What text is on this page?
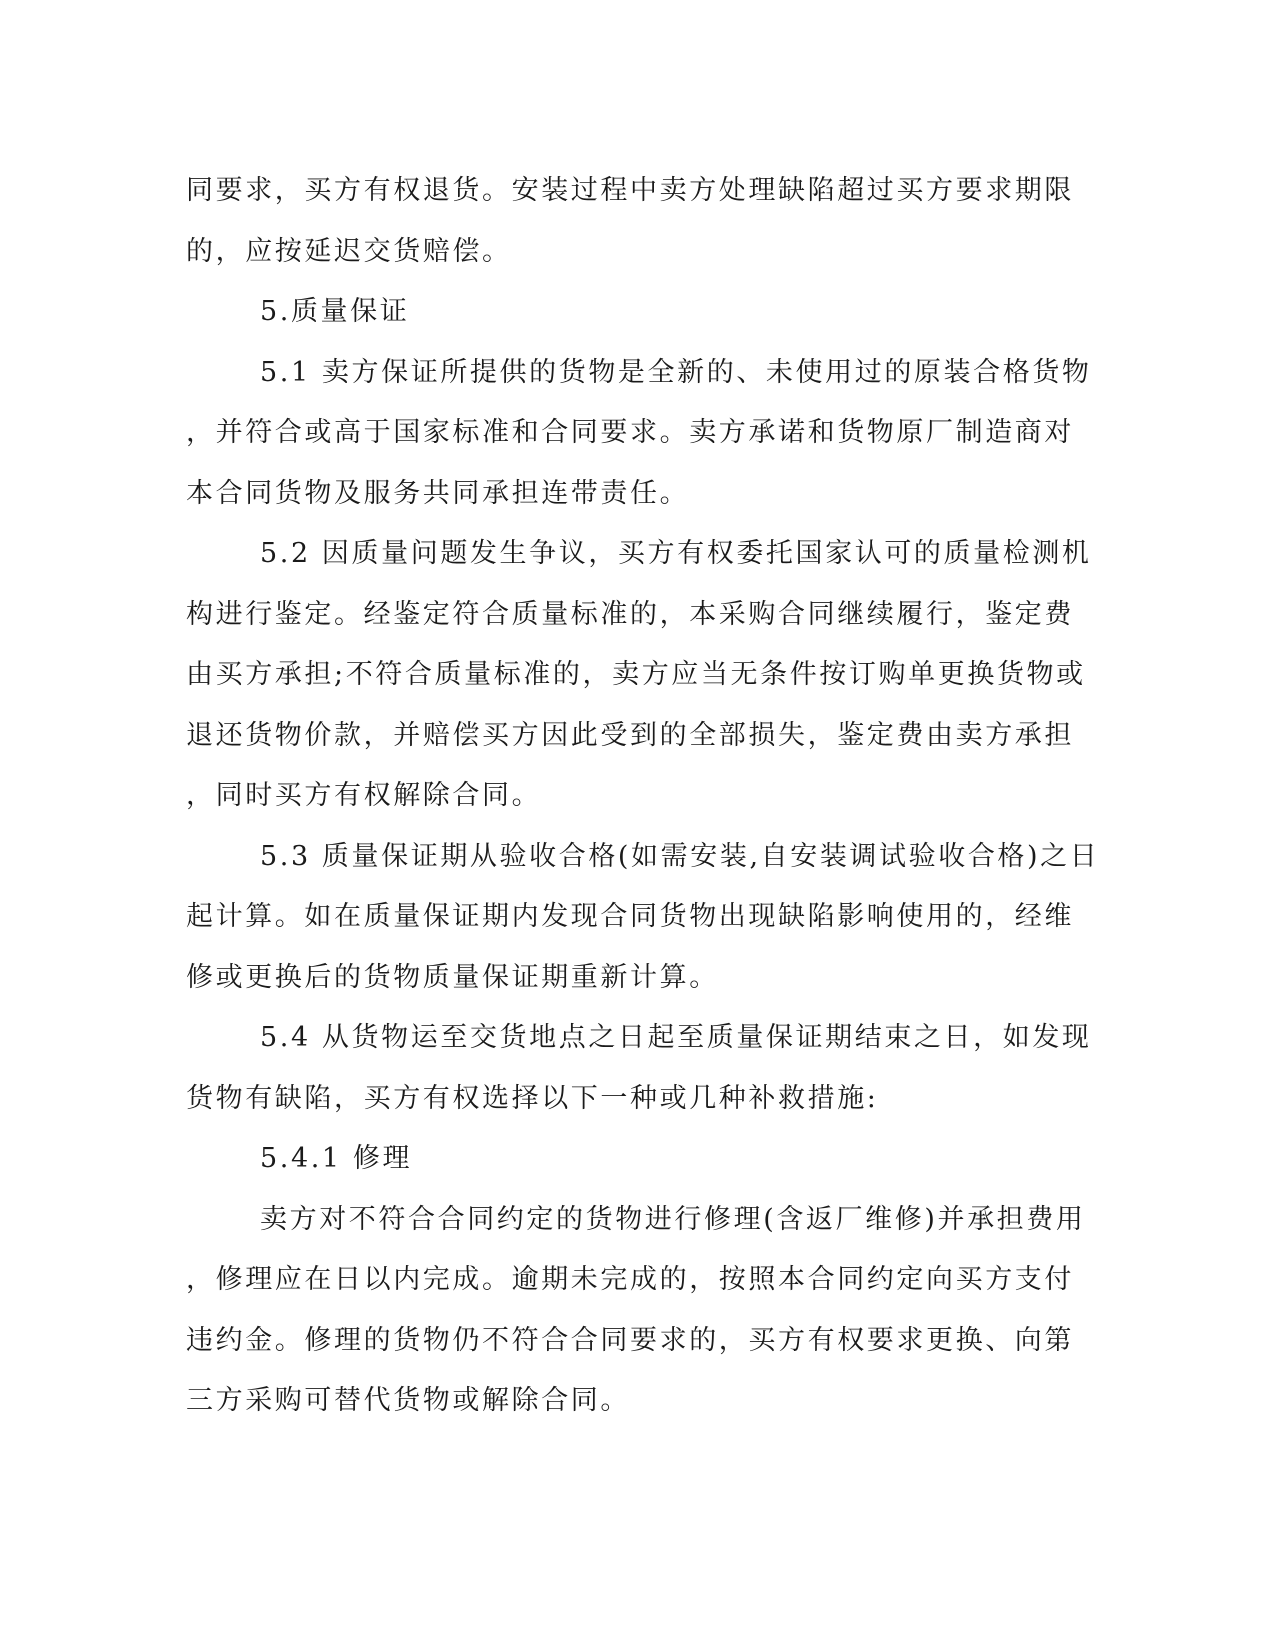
同要求，买方有权退货。安装过程中卖方处理缺陷超过买方要求期限
的，应按延迟交货赔偿。
5.质量保证
5.1 卖方保证所提供的货物是全新的、未使用过的原装合格货物
，并符合或高于国家标准和合同要求。卖方承诺和货物原厂制造商对
本合同货物及服务共同承担连带责任。
5.2 因质量问题发生争议，买方有权委托国家认可的质量检测机
构进行鉴定。经鉴定符合质量标准的，本采购合同继续履行，鉴定费
由买方承担;不符合质量标准的，卖方应当无条件按订购单更换货物或
退还货物价款，并赔偿买方因此受到的全部损失，鉴定费由卖方承担
，同时买方有权解除合同。
5.3 质量保证期从验收合格(如需安装,自安装调试验收合格)之日
起计算。如在质量保证期内发现合同货物出现缺陷影响使用的，经维
修或更换后的货物质量保证期重新计算。
5.4 从货物运至交货地点之日起至质量保证期结束之日，如发现
货物有缺陷，买方有权选择以下一种或几种补救措施:
5.4.1 修理
卖方对不符合合同约定的货物进行修理(含返厂维修)并承担费用
，修理应在日以内完成。逾期未完成的，按照本合同约定向买方支付
违约金。修理的货物仍不符合合同要求的，买方有权要求更换、向第
三方采购可替代货物或解除合同。
